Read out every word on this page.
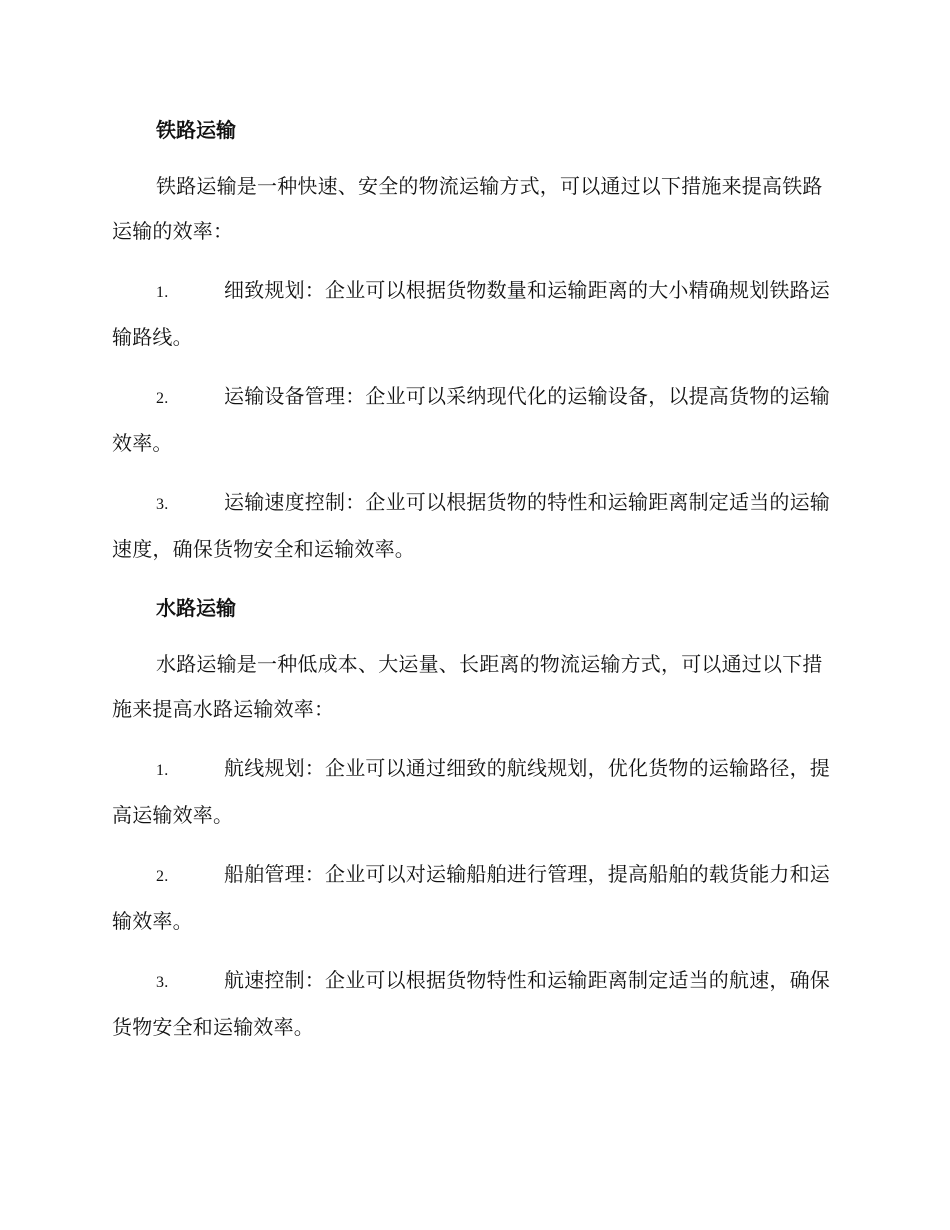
铁路运输

铁路运输是一种快速、安全的物流运输方式，可以通过以下措施来提高铁路运输的效率：

1.	细致规划：企业可以根据货物数量和运输距离的大小精确规划铁路运输路线。
2.	运输设备管理：企业可以采纳现代化的运输设备，以提高货物的运输效率。
3.	运输速度控制：企业可以根据货物的特性和运输距离制定适当的运输速度，确保货物安全和运输效率。
水路运输

水路运输是一种低成本、大运量、长距离的物流运输方式，可以通过以下措施来提高水路运输效率：

1.	航线规划：企业可以通过细致的航线规划，优化货物的运输路径，提高运输效率。
2.	船舶管理：企业可以对运输船舶进行管理，提高船舶的载货能力和运输效率。
3.	航速控制：企业可以根据货物特性和运输距离制定适当的航速，确保货物安全和运输效率。
